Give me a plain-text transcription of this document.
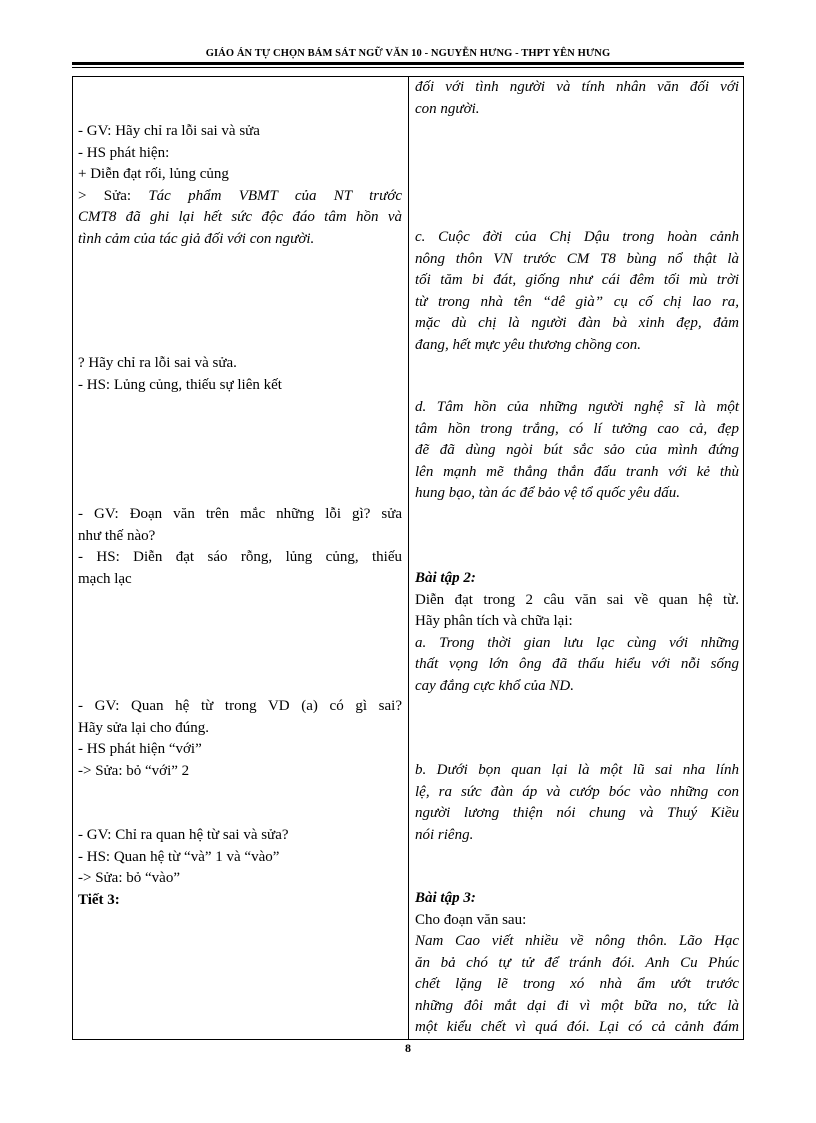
GIÁO ÁN TỰ CHỌN BÁM SÁT NGỮ VĂN 10 - NGUYỄN HƯNG - THPT YÊN HƯNG

- GV: Hãy chỉ ra lỗi sai và sửa

- HS phát hiện:

+ Diễn đạt rối, lủng củng

> Sửa: Tác phẩm VBMT của NT trước

CMT8 đã ghi lại hết sức độc đáo tâm hồn và

tình cảm của tác giả đối với con người.

? Hãy chỉ ra lỗi sai và sửa.

- HS: Lủng củng, thiếu sự liên kết

- GV: Đoạn văn trên mắc những lỗi gì? sửa

như thế nào?

- HS: Diễn đạt sáo rỗng, lủng củng, thiếu

mạch lạc

- GV: Quan hệ từ trong VD (a) có gì sai?

Hãy sửa lại cho đúng.

- HS phát hiện “với”

-> Sửa: bỏ “với” 2

- GV: Chỉ ra quan hệ từ sai và sửa?

- HS: Quan hệ từ “và” 1 và “vào”

-> Sửa: bỏ “vào”

Tiết 3:

đối với tình người và tính nhân văn đối với

con người.

c. Cuộc đời của Chị Dậu trong hoàn cảnh

nông thôn VN trước CM T8 bùng nổ thật là

tối tăm bi đát, giống như cái đêm tối mù trời

từ trong nhà tên “dê già” cụ cố chị lao ra,

mặc dù chị là người đàn bà xinh đẹp, đảm

đang, hết mực yêu thương chồng con.

d. Tâm hồn của những người nghệ sĩ là một

tâm hồn trong trắng, có lí tưởng cao cả, đẹp

đẽ đã dùng ngòi bút sắc sảo của mình đứng

lên mạnh mẽ thẳng thắn đấu tranh với kẻ thù

hung bạo, tàn ác để bảo vệ tổ quốc yêu dấu.

Bài tập 2:

Diễn đạt trong 2 câu văn sai về quan hệ từ.

Hãy phân tích và chữa lại:

a. Trong thời gian lưu lạc cùng với những

thất vọng lớn ông đã thấu hiểu với nỗi sống

cay đắng cực khổ của ND.

b. Dưới bọn quan lại là một lũ sai nha lính

lệ, ra sức đàn áp và cướp bóc vào những con

người lương thiện nói chung và Thuý Kiều

nói riêng.

Bài tập 3:

Cho đoạn văn sau:

Nam Cao viết nhiều về nông thôn. Lão Hạc

ăn bả chó tự tử để tránh đói. Anh Cu Phúc

chết lặng lẽ trong xó nhà ẩm ướt trước

những đôi mắt dại đi vì một bữa no, tức là

một kiểu chết vì quá đói. Lại có cả cảnh đám

8
